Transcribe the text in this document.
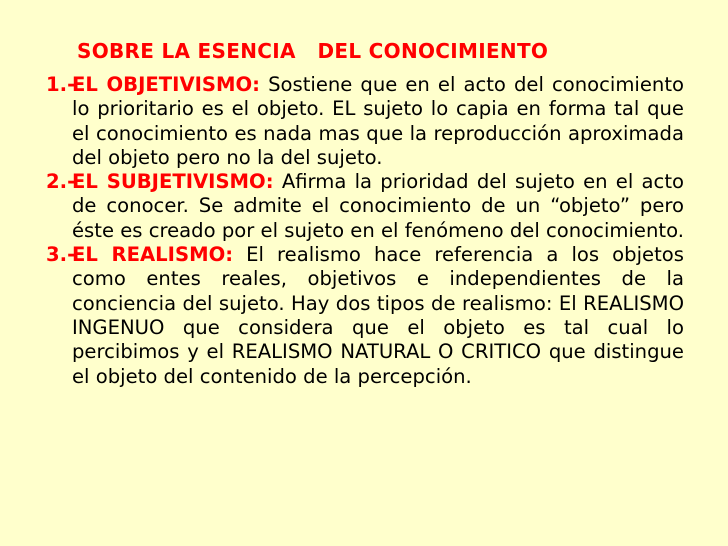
SOBRE LA ESENCIA   DEL CONOCIMIENTO

1.-
EL OBJETIVISMO: Sostiene que en el acto del conocimiento lo prioritario es el objeto. EL sujeto lo capia en forma tal que el conocimiento es nada mas que la reproducción aproximada del objeto pero no la del sujeto.

2.-
EL SUBJETIVISMO: Afirma la prioridad del sujeto en el acto de conocer. Se admite el conocimiento de un “objeto” pero éste es creado por el sujeto en el fenómeno del conocimiento.

3.-
EL REALISMO: El realismo hace referencia a los objetos como entes reales, objetivos e independientes de la conciencia del sujeto. Hay dos tipos de realismo: El REALISMO INGENUO que considera que el objeto es tal cual lo percibimos y el REALISMO NATURAL O CRITICO que distingue el objeto del contenido de la percepción.
